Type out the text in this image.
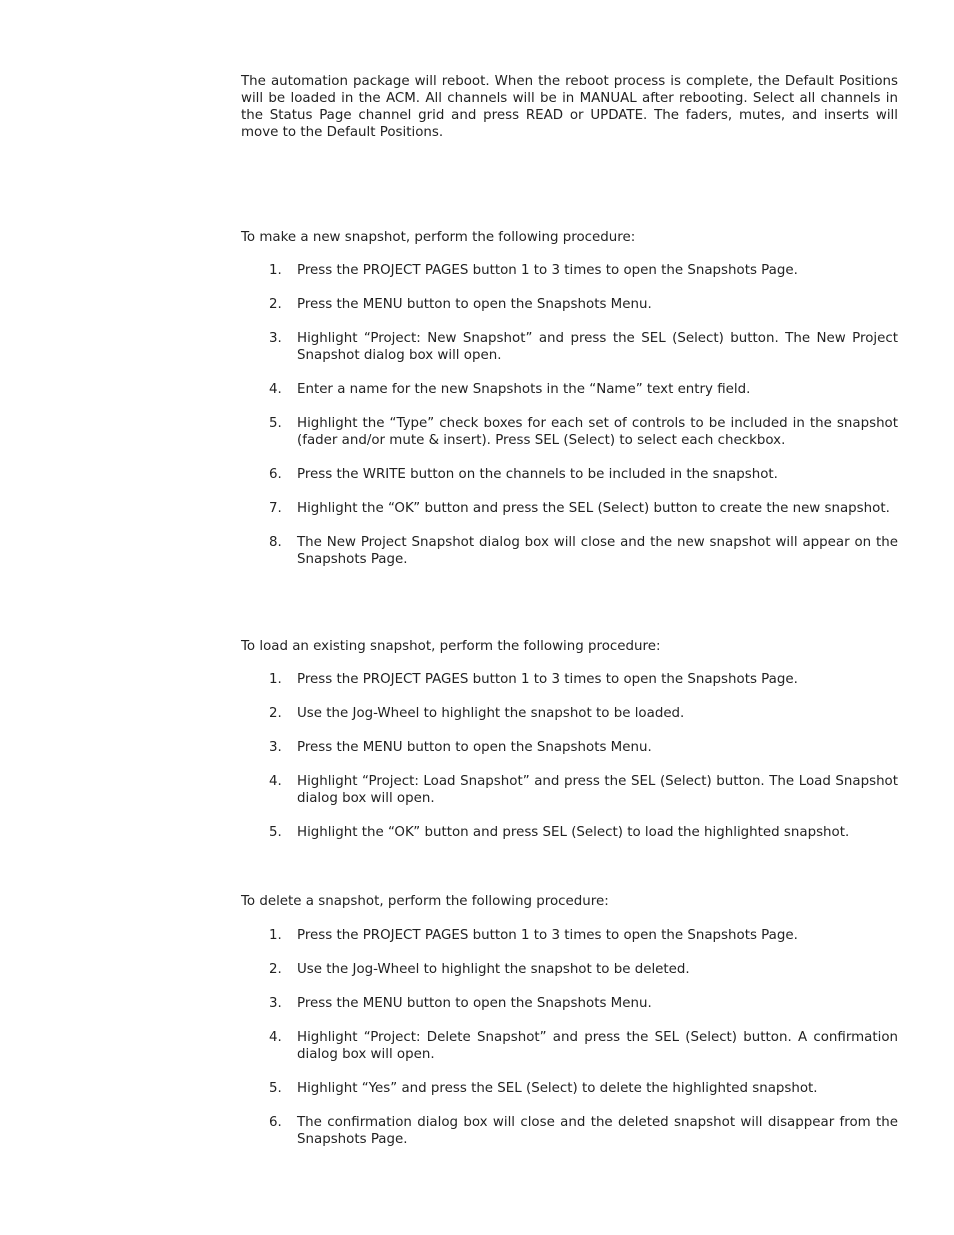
The automation package will reboot. When the reboot process is complete, the Default Positions will be loaded in the ACM. All channels will be in MANUAL after rebooting. Select all channels in the Status Page channel grid and press READ or UPDATE. The faders, mutes, and inserts will move to the Default Positions.

To make a new snapshot, perform the following procedure:

1.	Press the PROJECT PAGES button 1 to 3 times to open the Snapshots Page.
2.	Press the MENU button to open the Snapshots Menu.
3.	Highlight “Project: New Snapshot” and press the SEL (Select) button. The New Project Snapshot dialog box will open.
4.	Enter a name for the new Snapshots in the “Name” text entry field.
5.	Highlight the “Type” check boxes for each set of controls to be included in the snapshot (fader and/or mute & insert). Press SEL (Select) to select each checkbox.
6.	Press the WRITE button on the channels to be included in the snapshot.
7.	Highlight the “OK” button and press the SEL (Select) button to create the new snapshot.
8.	The New Project Snapshot dialog box will close and the new snapshot will appear on the Snapshots Page.

To load an existing snapshot, perform the following procedure:

1.	Press the PROJECT PAGES button 1 to 3 times to open the Snapshots Page.
2.	Use the Jog-Wheel to highlight the snapshot to be loaded.
3.	Press the MENU button to open the Snapshots Menu.
4.	Highlight “Project: Load Snapshot” and press the SEL (Select) button. The Load Snapshot dialog box will open.
5.	Highlight the “OK” button and press SEL (Select) to load the highlighted snapshot.

To delete a snapshot, perform the following procedure:

1.	Press the PROJECT PAGES button 1 to 3 times to open the Snapshots Page.
2.	Use the Jog-Wheel to highlight the snapshot to be deleted.
3.	Press the MENU button to open the Snapshots Menu.
4.	Highlight “Project: Delete Snapshot” and press the SEL (Select) button. A confirmation dialog box will open.
5.	Highlight “Yes” and press the SEL (Select) to delete the highlighted snapshot.
6.	The confirmation dialog box will close and the deleted snapshot will disappear from the Snapshots Page.
